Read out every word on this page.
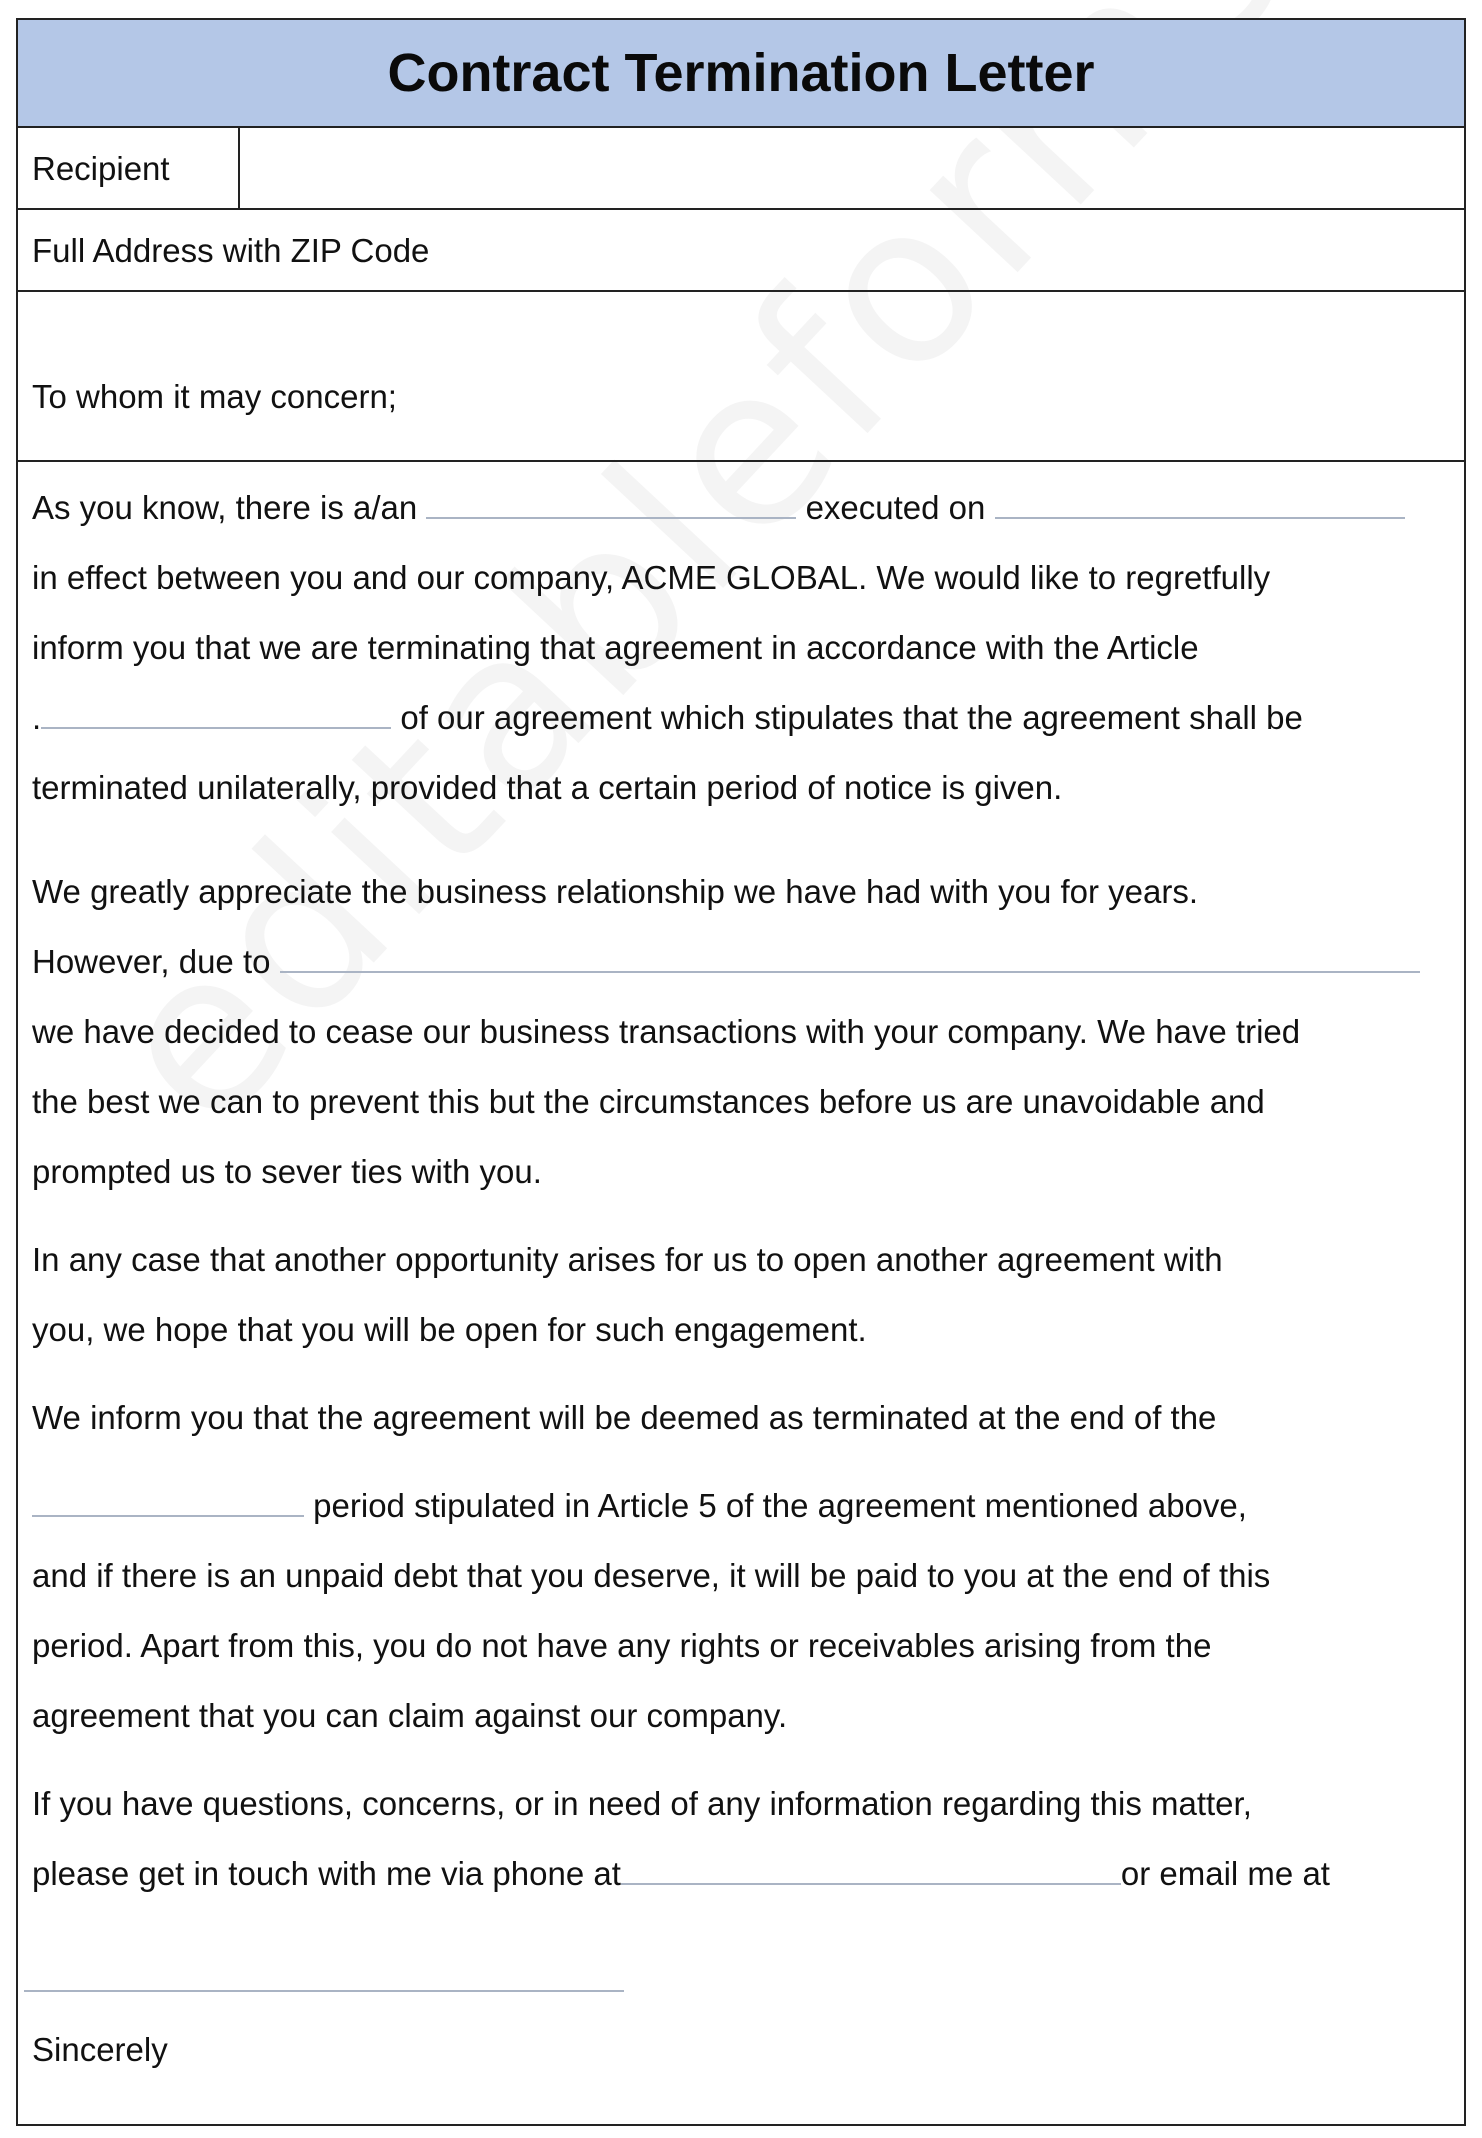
Contract Termination Letter
Recipient
Full Address with ZIP Code
To whom it may concern;
As you know, there is a/an	executed on
in effect between you and our company, ACME GLOBAL. We would like to regretfully
inform you that we are terminating that agreement in accordance with the Article
.	of our agreement which stipulates that the agreement shall be
terminated unilaterally, provided that a certain period of notice is given.
We greatly appreciate the business relationship we have had with you for years.
However, due to
we have decided to cease our business transactions with your company. We have tried
the best we can to prevent this but the circumstances before us are unavoidable and
prompted us to sever ties with you.
In any case that another opportunity arises for us to open another agreement with
you, we hope that you will be open for such engagement.
We inform you that the agreement will be deemed as terminated at the end of the
period stipulated in Article 5 of the agreement mentioned above,
and if there is an unpaid debt that you deserve, it will be paid to you at the end of this
period. Apart from this, you do not have any rights or receivables arising from the
agreement that you can claim against our company.
If you have questions, concerns, or in need of any information regarding this matter,
please get in touch with me via phone at	or email me at
Sincerely
